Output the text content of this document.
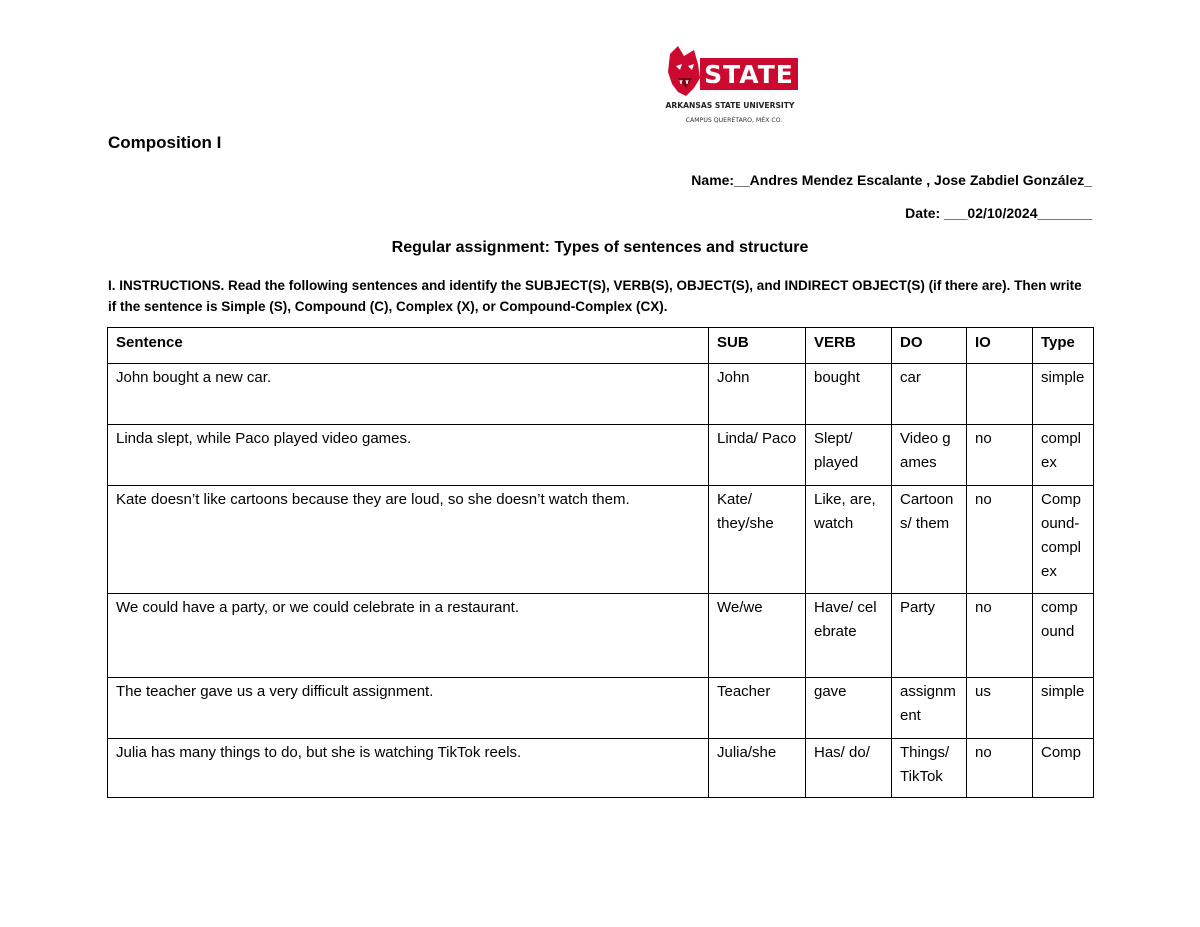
STATE
ARKANSAS STATE UNIVERSITY
CAMPUS QUERÉTARO, MÉX CO.
Composition I
Name:__Andres Mendez Escalante , Jose Zabdiel González_
Date: ___02/10/2024_______
Regular assignment: Types of sentences and structure
I. INSTRUCTIONS. Read the following sentences and identify the SUBJECT(S), VERB(S), OBJECT(S), and INDIRECT OBJECT(S) (if there are). Then write if the sentence is Simple (S), Compound (C), Complex (X), or Compound-Complex (CX).
Sentence	SUB	VERB	DO	IO	Type
John bought a new car.	John	bought	car		simple
Linda slept, while Paco played video games.	Linda/ Paco	Slept/ played	Video games	no	complex
Kate doesn’t like cartoons because they are loud, so she doesn’t watch them.	Kate/ they/she	Like, are, watch	Cartoons/ them	no	Compound-complex
We could have a party, or we could celebrate in a restaurant.	We/we	Have/ celebrate	Party	no	compound
The teacher gave us a very difficult assignment.	Teacher	gave	assignment	us	simple
Julia has many things to do, but she is watching TikTok reels.	Julia/she	Has/ do/	Things/ TikTok	no	Comp
